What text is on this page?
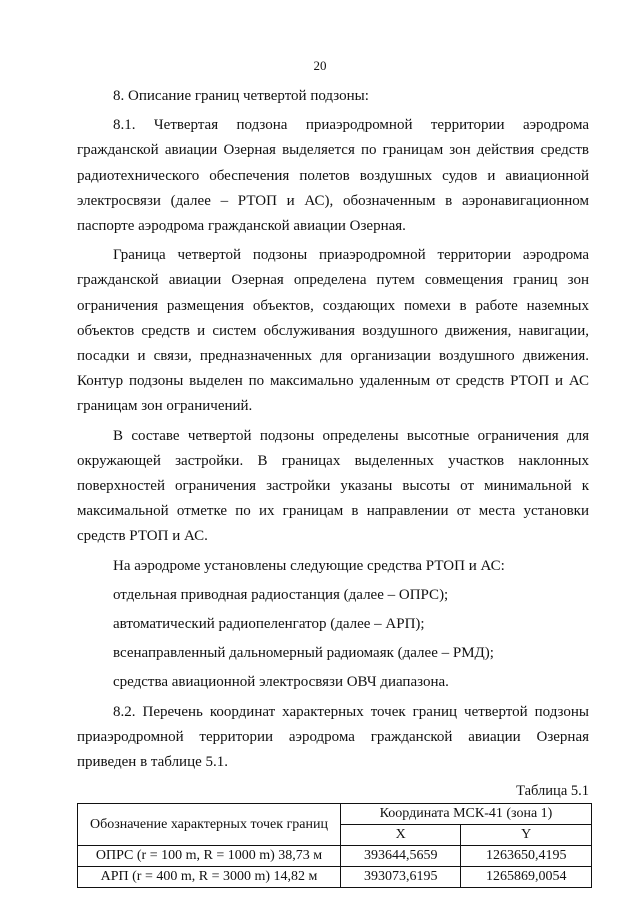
20

8. Описание границ четвертой подзоны:

8.1. Четвертая подзона приаэродромной территории аэродрома гражданской авиации Озерная выделяется по границам зон действия средств радиотехнического обеспечения полетов воздушных судов и авиационной электросвязи (далее – РТОП и АС), обозначенным в аэронавигационном паспорте аэродрома гражданской авиации Озерная.

Граница четвертой подзоны приаэродромной территории аэродрома гражданской авиации Озерная определена путем совмещения границ зон ограничения размещения объектов, создающих помехи в работе наземных объектов средств и систем обслуживания воздушного движения, навигации, посадки и связи, предназначенных для организации воздушного движения. Контур подзоны выделен по максимально удаленным от средств РТОП и АС границам зон ограничений.

В составе четвертой подзоны определены высотные ограничения для окружающей застройки. В границах выделенных участков наклонных поверхностей ограничения застройки указаны высоты от минимальной к максимальной отметке по их границам в направлении от места установки средств РТОП и АС.

На аэродроме установлены следующие средства РТОП и АС:

отдельная приводная радиостанция (далее – ОПРС);

автоматический радиопеленгатор (далее – АРП);

всенаправленный дальномерный радиомаяк (далее – РМД);

средства авиационной электросвязи ОВЧ диапазона.

8.2. Перечень координат характерных точек границ четвертой подзоны приаэродромной территории аэродрома гражданской авиации Озерная приведен в таблице 5.1.

Таблица 5.1
Обозначение характерных точек границ	Координата МСК-41 (зона 1)	
	X	Y
ОПРС (r = 100 m, R = 1000 m) 38,73 м	393644,5659	1263650,4195
АРП (r = 400 m, R = 3000 m) 14,82 м	393073,6195	1265869,0054
